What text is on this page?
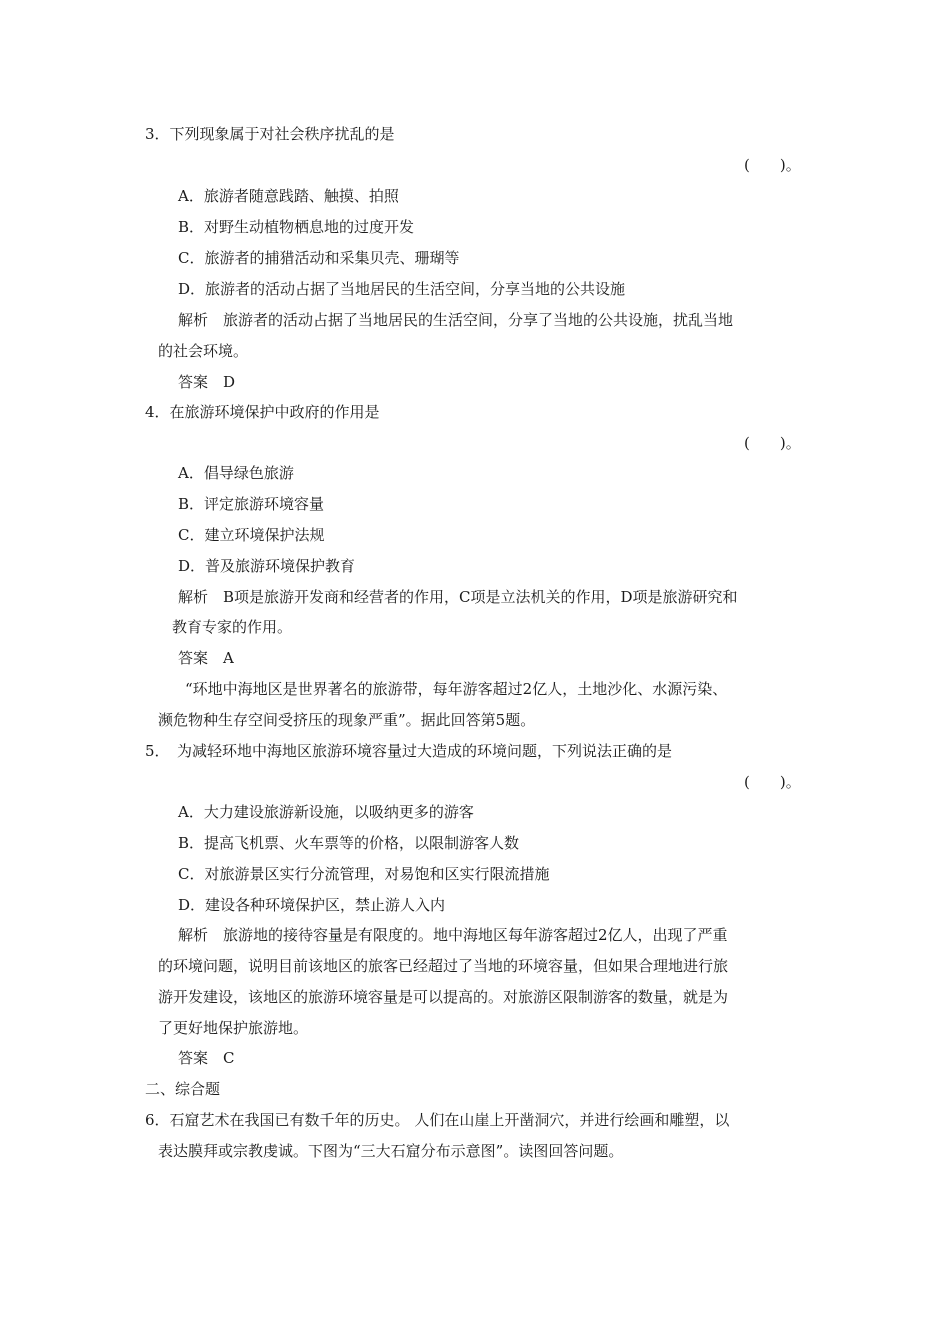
3．下列现象属于对社会秩序扰乱的是
(　　)。
A．旅游者随意践踏、触摸、拍照
B．对野生动植物栖息地的过度开发
C．旅游者的捕猎活动和采集贝壳、珊瑚等
D．旅游者的活动占据了当地居民的生活空间，分享当地的公共设施
解析　旅游者的活动占据了当地居民的生活空间，分享了当地的公共设施，扰乱当地
的社会环境。
答案　D
4．在旅游环境保护中政府的作用是
(　　)。
A．倡导绿色旅游
B．评定旅游环境容量
C．建立环境保护法规
D．普及旅游环境保护教育
解析　B项是旅游开发商和经营者的作用，C项是立法机关的作用，D项是旅游研究和
教育专家的作用。
答案　A
“环地中海地区是世界著名的旅游带，每年游客超过2亿人，土地沙化、水源污染、
濒危物种生存空间受挤压的现象严重”。据此回答第5题。
5．　为减轻环地中海地区旅游环境容量过大造成的环境问题，下列说法正确的是
(　　)。
A．大力建设旅游新设施，以吸纳更多的游客
B．提高飞机票、火车票等的价格，以限制游客人数
C．对旅游景区实行分流管理，对易饱和区实行限流措施
D．建设各种环境保护区，禁止游人入内
解析　旅游地的接待容量是有限度的。地中海地区每年游客超过2亿人，出现了严重
的环境问题，说明目前该地区的旅客已经超过了当地的环境容量，但如果合理地进行旅
游开发建设，该地区的旅游环境容量是可以提高的。对旅游区限制游客的数量，就是为
了更好地保护旅游地。
答案　C
二、综合题
6．石窟艺术在我国已有数千年的历史。 人们在山崖上开凿洞穴，并进行绘画和雕塑，以
表达膜拜或宗教虔诚。下图为“三大石窟分布示意图”。读图回答问题。
